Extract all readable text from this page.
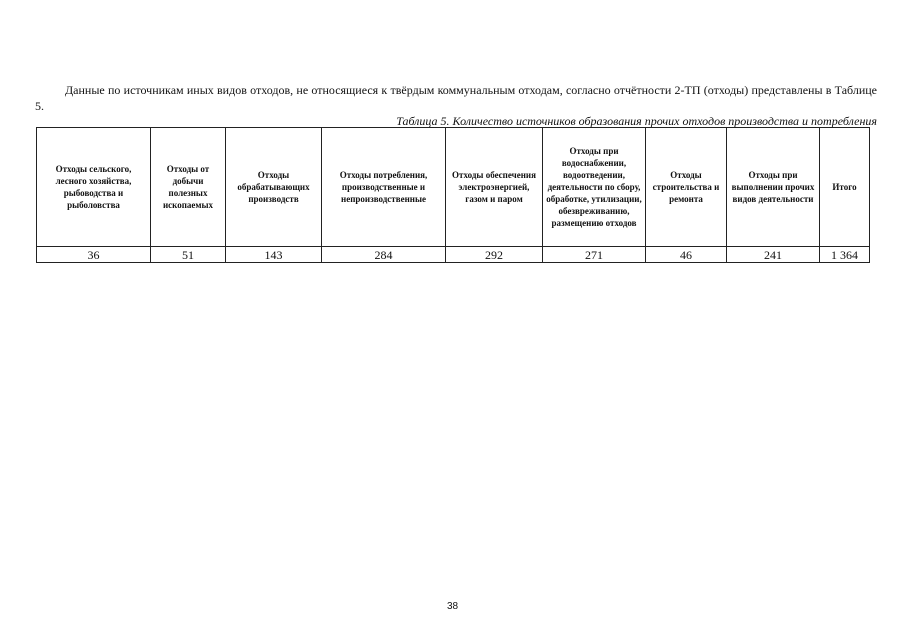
Данные по источникам иных видов отходов, не относящиеся к твёрдым коммунальным отходам, согласно отчётности 2-ТП (отходы) представлены в Таблице 5.

Таблица 5. Количество источников образования прочих отходов производства и потребления

Отходы сельского, лесного хозяйства, рыбоводства и рыболовства	Отходы от добычи полезных ископаемых	Отходы обрабатывающих производств	Отходы потребления, производственные и непроизводственные	Отходы обеспечения электроэнергией, газом и паром	Отходы при водоснабжении, водоотведении, деятельности по сбору, обработке, утилизации, обезвреживанию, размещению отходов	Отходы строительства и ремонта	Отходы при выполнении прочих видов деятельности	Итого
36	51	143	284	292	271	46	241	1 364
38
